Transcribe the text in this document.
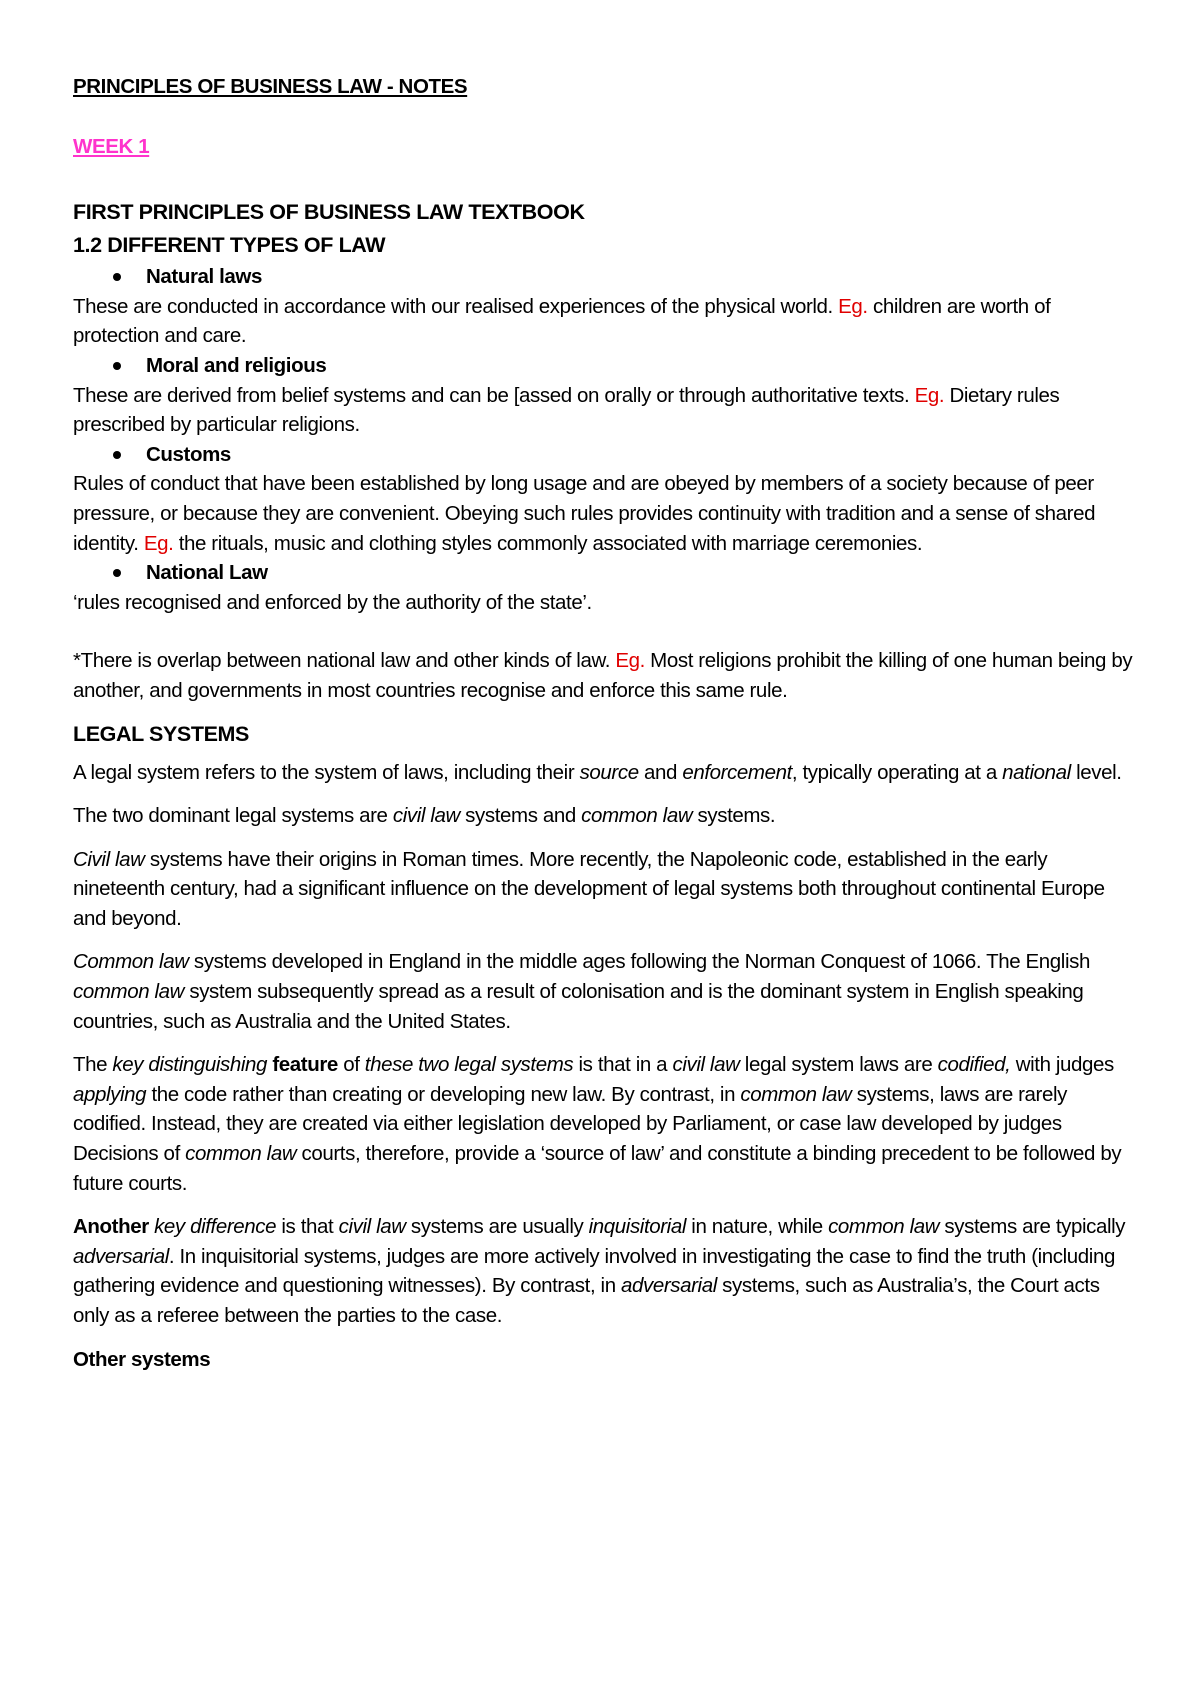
PRINCIPLES OF BUSINESS LAW - NOTES
WEEK 1
FIRST PRINCIPLES OF BUSINESS LAW TEXTBOOK
1.2 DIFFERENT TYPES OF LAW
Natural laws
These are conducted in accordance with our realised experiences of the physical world. Eg. children are worth of protection and care.
Moral and religious
These are derived from belief systems and can be [assed on orally or through authoritative texts. Eg. Dietary rules prescribed by particular religions.
Customs
Rules of conduct that have been established by long usage and are obeyed by members of a society because of peer pressure, or because they are convenient. Obeying such rules provides continuity with tradition and a sense of shared identity. Eg. the rituals, music and clothing styles commonly associated with marriage ceremonies.
National Law
‘rules recognised and enforced by the authority of the state’.
*There is overlap between national law and other kinds of law. Eg. Most religions prohibit the killing of one human being by another, and governments in most countries recognise and enforce this same rule.
LEGAL SYSTEMS
A legal system refers to the system of laws, including their source and enforcement, typically operating at a national level.
The two dominant legal systems are civil law systems and common law systems.
Civil law systems have their origins in Roman times. More recently, the Napoleonic code, established in the early nineteenth century, had a significant influence on the development of legal systems both throughout continental Europe and beyond.
Common law systems developed in England in the middle ages following the Norman Conquest of 1066. The English common law system subsequently spread as a result of colonisation and is the dominant system in English speaking countries, such as Australia and the United States.
The key distinguishing feature of these two legal systems is that in a civil law legal system laws are codified, with judges applying the code rather than creating or developing new law. By contrast, in common law systems, laws are rarely codified. Instead, they are created via either legislation developed by Parliament, or case law developed by judges Decisions of common law courts, therefore, provide a ‘source of law’ and constitute a binding precedent to be followed by future courts.
Another key difference is that civil law systems are usually inquisitorial in nature, while common law systems are typically adversarial. In inquisitorial systems, judges are more actively involved in investigating the case to find the truth (including gathering evidence and questioning witnesses). By contrast, in adversarial systems, such as Australia’s, the Court acts only as a referee between the parties to the case.
Other systems
